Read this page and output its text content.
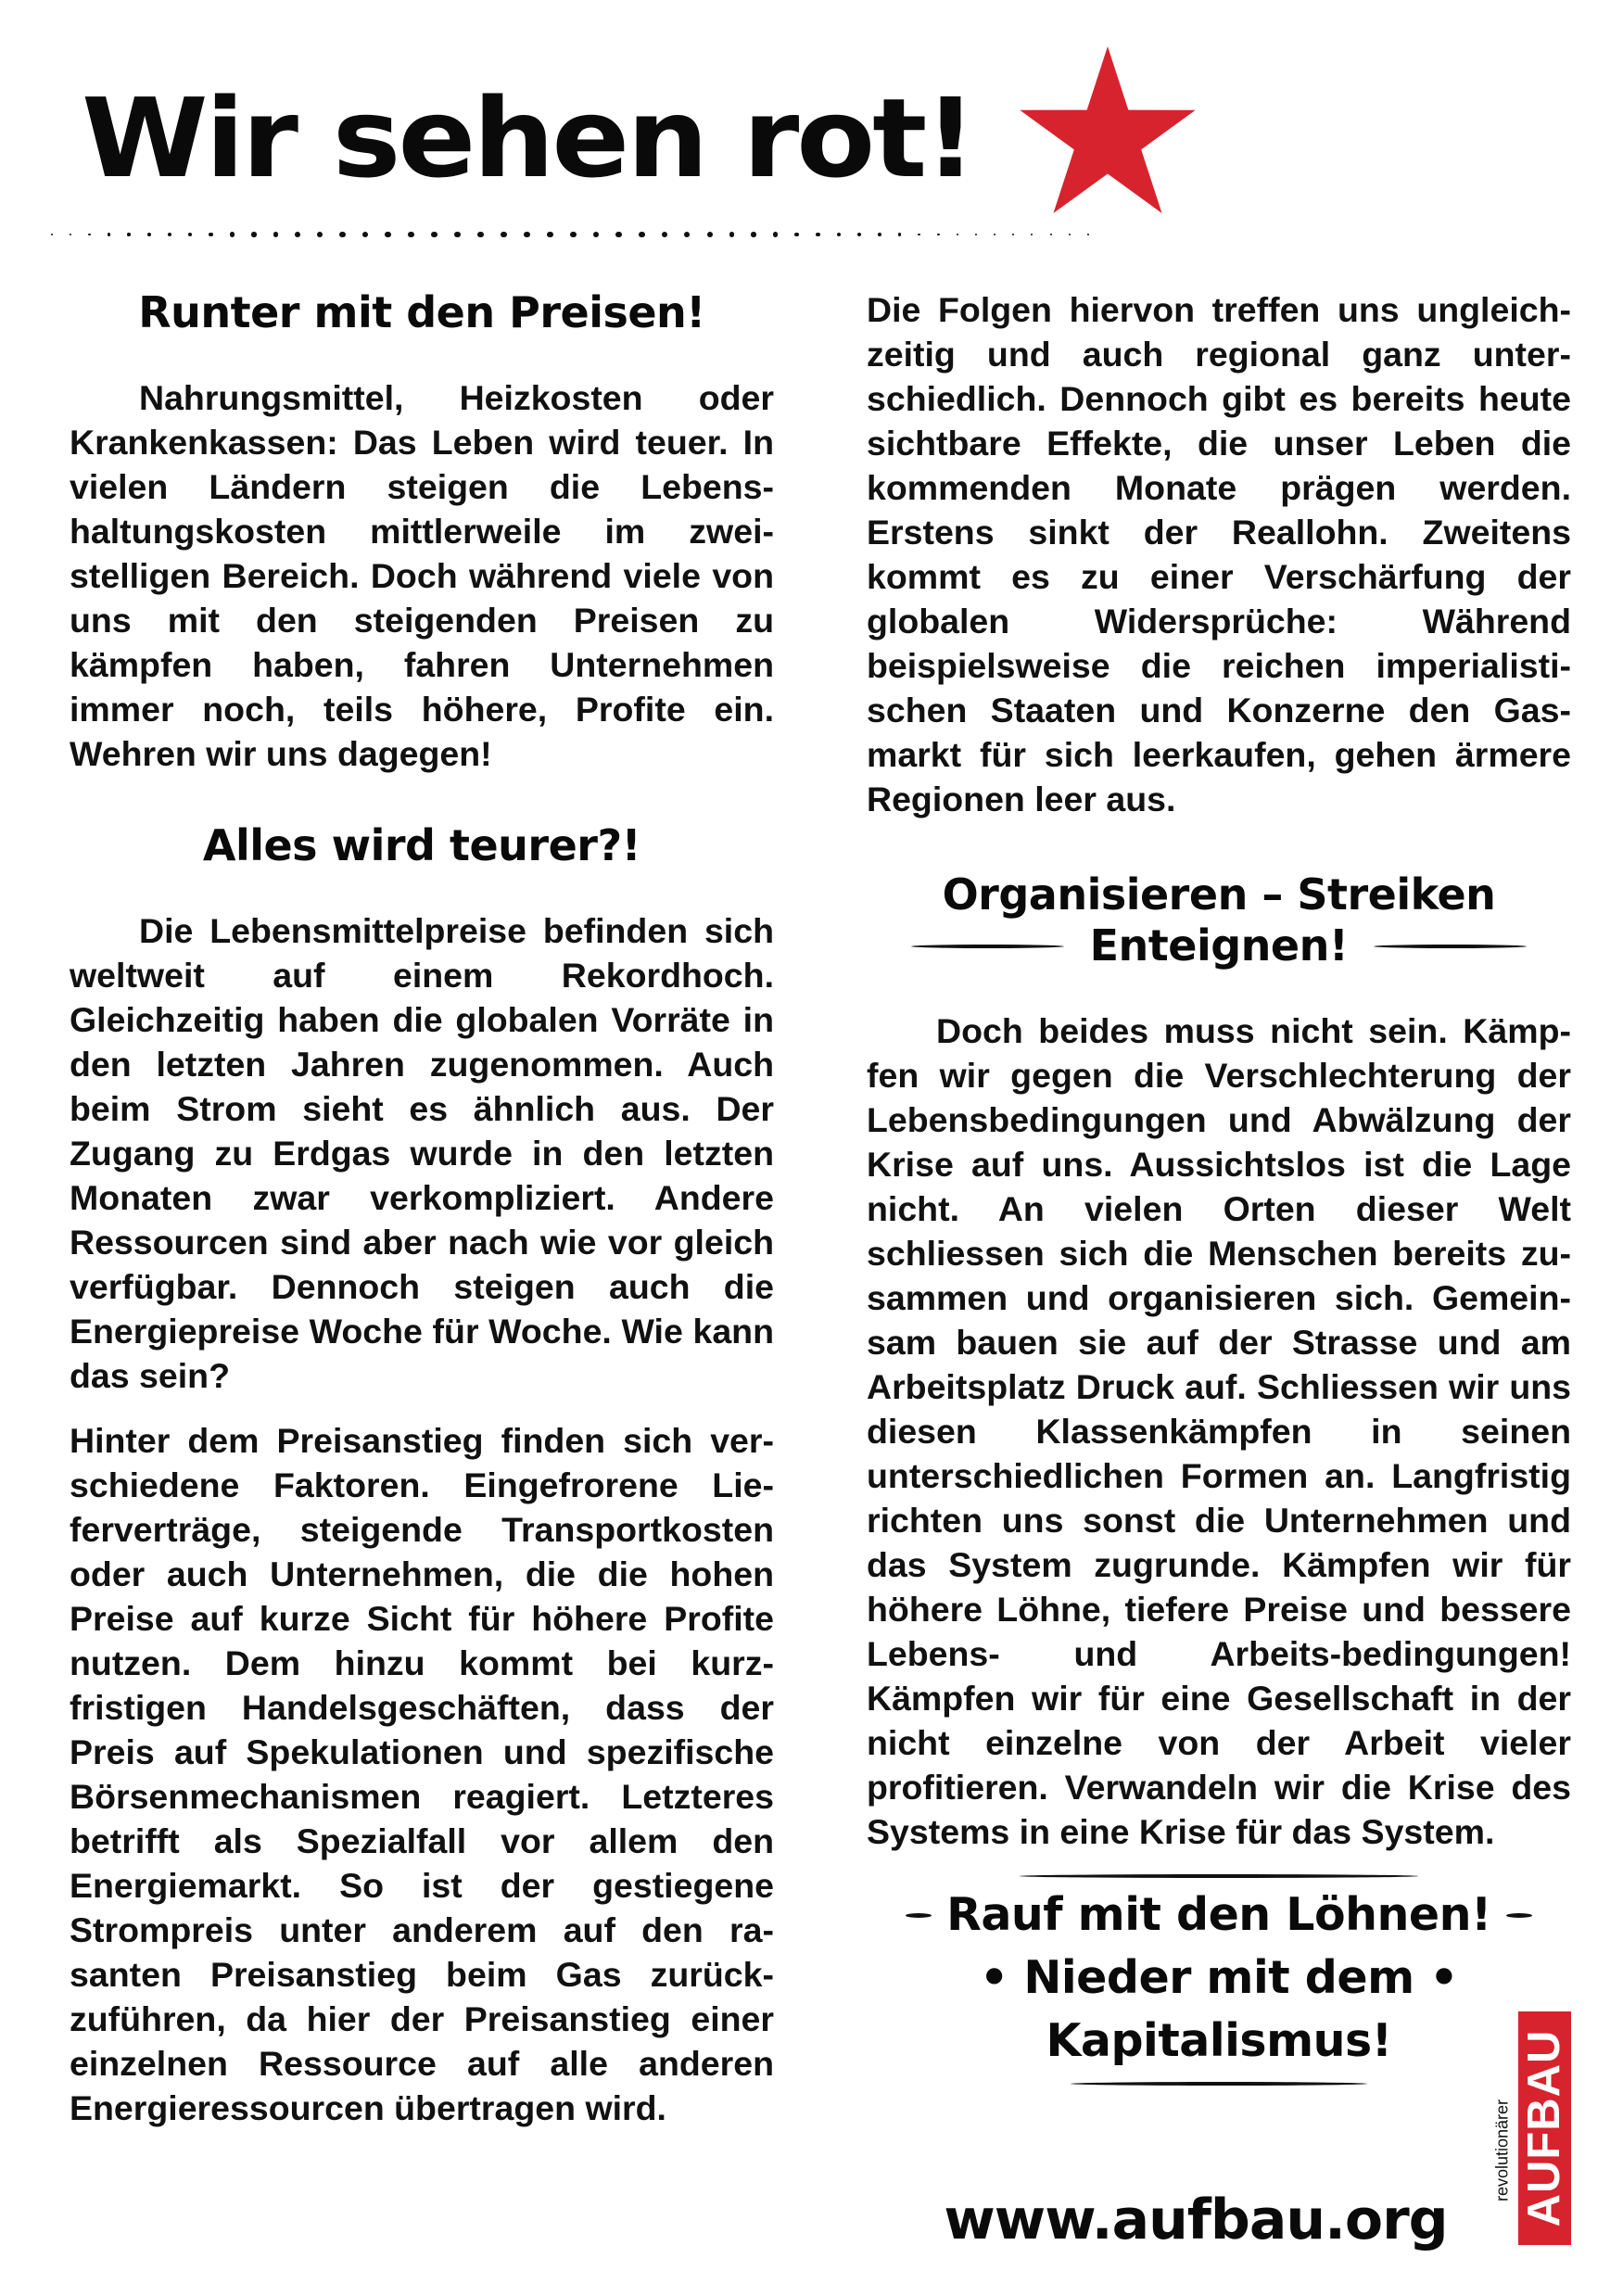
Wir sehen rot!
Runter mit den Preisen!

Nahrungsmittel, Heizkosten oder Krankenkassen: Das Leben wird teuer. In vielen Ländern steigen die Lebenshaltungskosten mittlerweile im zweistelligen Bereich. Doch während viele von uns mit den steigenden Preisen zu kämpfen haben, fahren Unternehmen immer noch, teils höhere, Profite ein. Wehren wir uns dagegen!

Alles wird teurer?!

Die Lebensmittelpreise befinden sich weltweit auf einem Rekordhoch. Gleichzeitig haben die globalen Vorräte in den letzten Jahren zugenommen. Auch beim Strom sieht es ähnlich aus. Der Zugang zu Erdgas wurde in den letzten Monaten zwar verkompliziert. Andere Ressourcen sind aber nach wie vor gleich verfügbar. Dennoch steigen auch die Energiepreise Woche für Woche. Wie kann das sein?

Hinter dem Preisanstieg finden sich verschiedene Faktoren. Eingefrorene Lieferverträge, steigende Transportkosten oder auch Unternehmen, die die hohen Preise auf kurze Sicht für höhere Profite nutzen. Dem hinzu kommt bei kurzfristigen Handelsgeschäften, dass der Preis auf Spekulationen und spezifische Börsenmechanismen reagiert. Letzteres betrifft als Spezialfall vor allem den Energiemarkt. So ist der gestiegene Strompreis unter anderem auf den rasanten Preisanstieg beim Gas zurückzuführen, da hier der Preisanstieg einer einzelnen Ressource auf alle anderen Energieressourcen übertragen wird.

Die Folgen hiervon treffen uns ungleichzeitig und auch regional ganz unterschiedlich. Dennoch gibt es bereits heute sichtbare Effekte, die unser Leben die kommenden Monate prägen werden. Erstens sinkt der Reallohn. Zweitens kommt es zu einer Verschärfung der globalen Widersprüche: Während beispielsweise die reichen imperialistischen Staaten und Konzerne den Gasmarkt für sich leerkaufen, gehen ärmere Regionen leer aus.

Organisieren – Streiken
Enteignen!

Doch beides muss nicht sein. Kämpfen wir gegen die Verschlechterung der Lebensbedingungen und Abwälzung der Krise auf uns. Aussichtslos ist die Lage nicht. An vielen Orten dieser Welt schliessen sich die Menschen bereits zusammen und organisieren sich. Gemeinsam bauen sie auf der Strasse und am Arbeitsplatz Druck auf. Schliessen wir uns diesen Klassenkämpfen in seinen unterschiedlichen Formen an. Langfristig richten uns sonst die Unternehmen und das System zugrunde. Kämpfen wir für höhere Löhne, tiefere Preise und bessere Lebens- und Arbeits-bedingungen! Kämpfen wir für eine Gesellschaft in der nicht einzelne von der Arbeit vieler profitieren. Verwandeln wir die Krise des Systems in eine Krise für das System.

Rauf mit den Löhnen!
• Nieder mit dem •
Kapitalismus!
www.aufbau.org	AUFBAU
revolutionärer
